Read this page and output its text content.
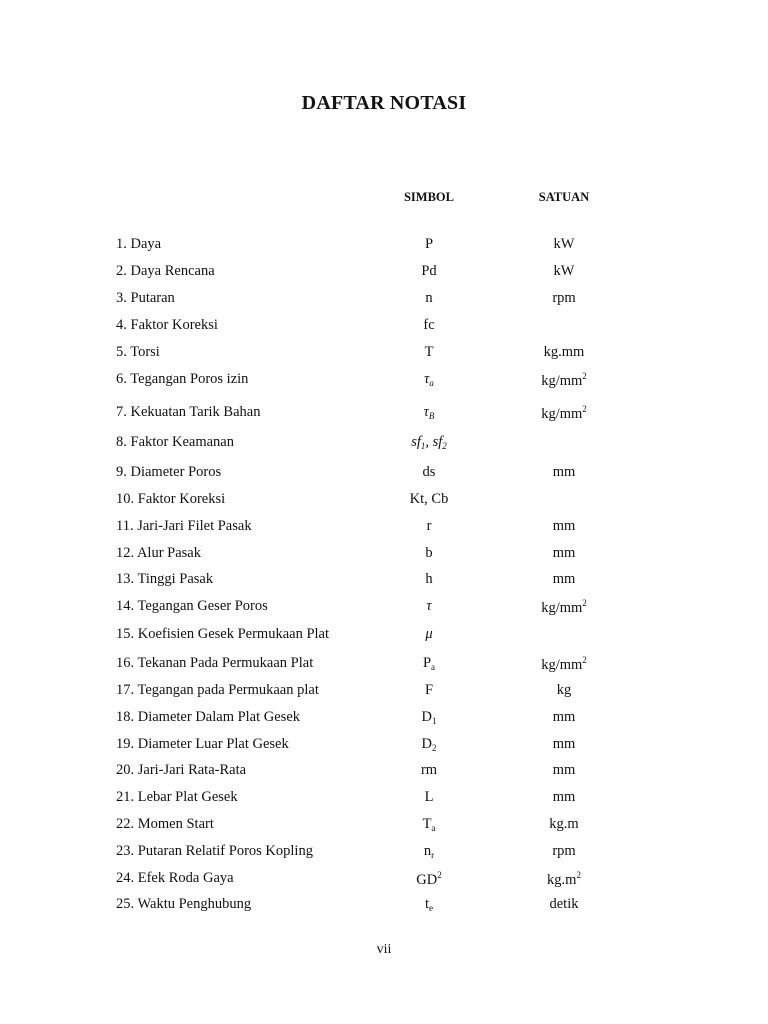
DAFTAR NOTASI
SIMBOL	SATUAN
1. Daya	P	kW
2. Daya Rencana	Pd	kW
3. Putaran	n	rpm
4. Faktor Koreksi	fc
5. Torsi	T	kg.mm
6. Tegangan Poros izin	$\tau_a$	$kg/mm^2$
7. Kekuatan Tarik Bahan	$\tau_B$	$kg/mm^2$
8. Faktor Keamanan	$sf_1$, $sf_2$
9. Diameter Poros	ds	mm
10. Faktor Koreksi	Kt, Cb
11. Jari-Jari Filet Pasak	r	mm
12. Alur Pasak	b	mm
13. Tinggi Pasak	h	mm
14. Tegangan Geser Poros	τ	$kg/mm^2$
15. Koefisien Gesek Permukaan Plat	μ
16. Tekanan Pada Permukaan Plat	$P_a$	$kg/mm^2$
17. Tegangan pada Permukaan plat	F	kg
18. Diameter Dalam Plat Gesek	$D_1$	mm
19. Diameter Luar Plat Gesek	$D_2$	mm
20. Jari-Jari Rata-Rata	rm	mm
21. Lebar Plat Gesek	L	mm
22. Momen Start	$T_a$	kg.m
23. Putaran Relatif Poros Kopling	$n_r$	rpm
24. Efek Roda Gaya	$GD^2$	$kg.m^2$
25. Waktu Penghubung	$t_e$	detik
vii
